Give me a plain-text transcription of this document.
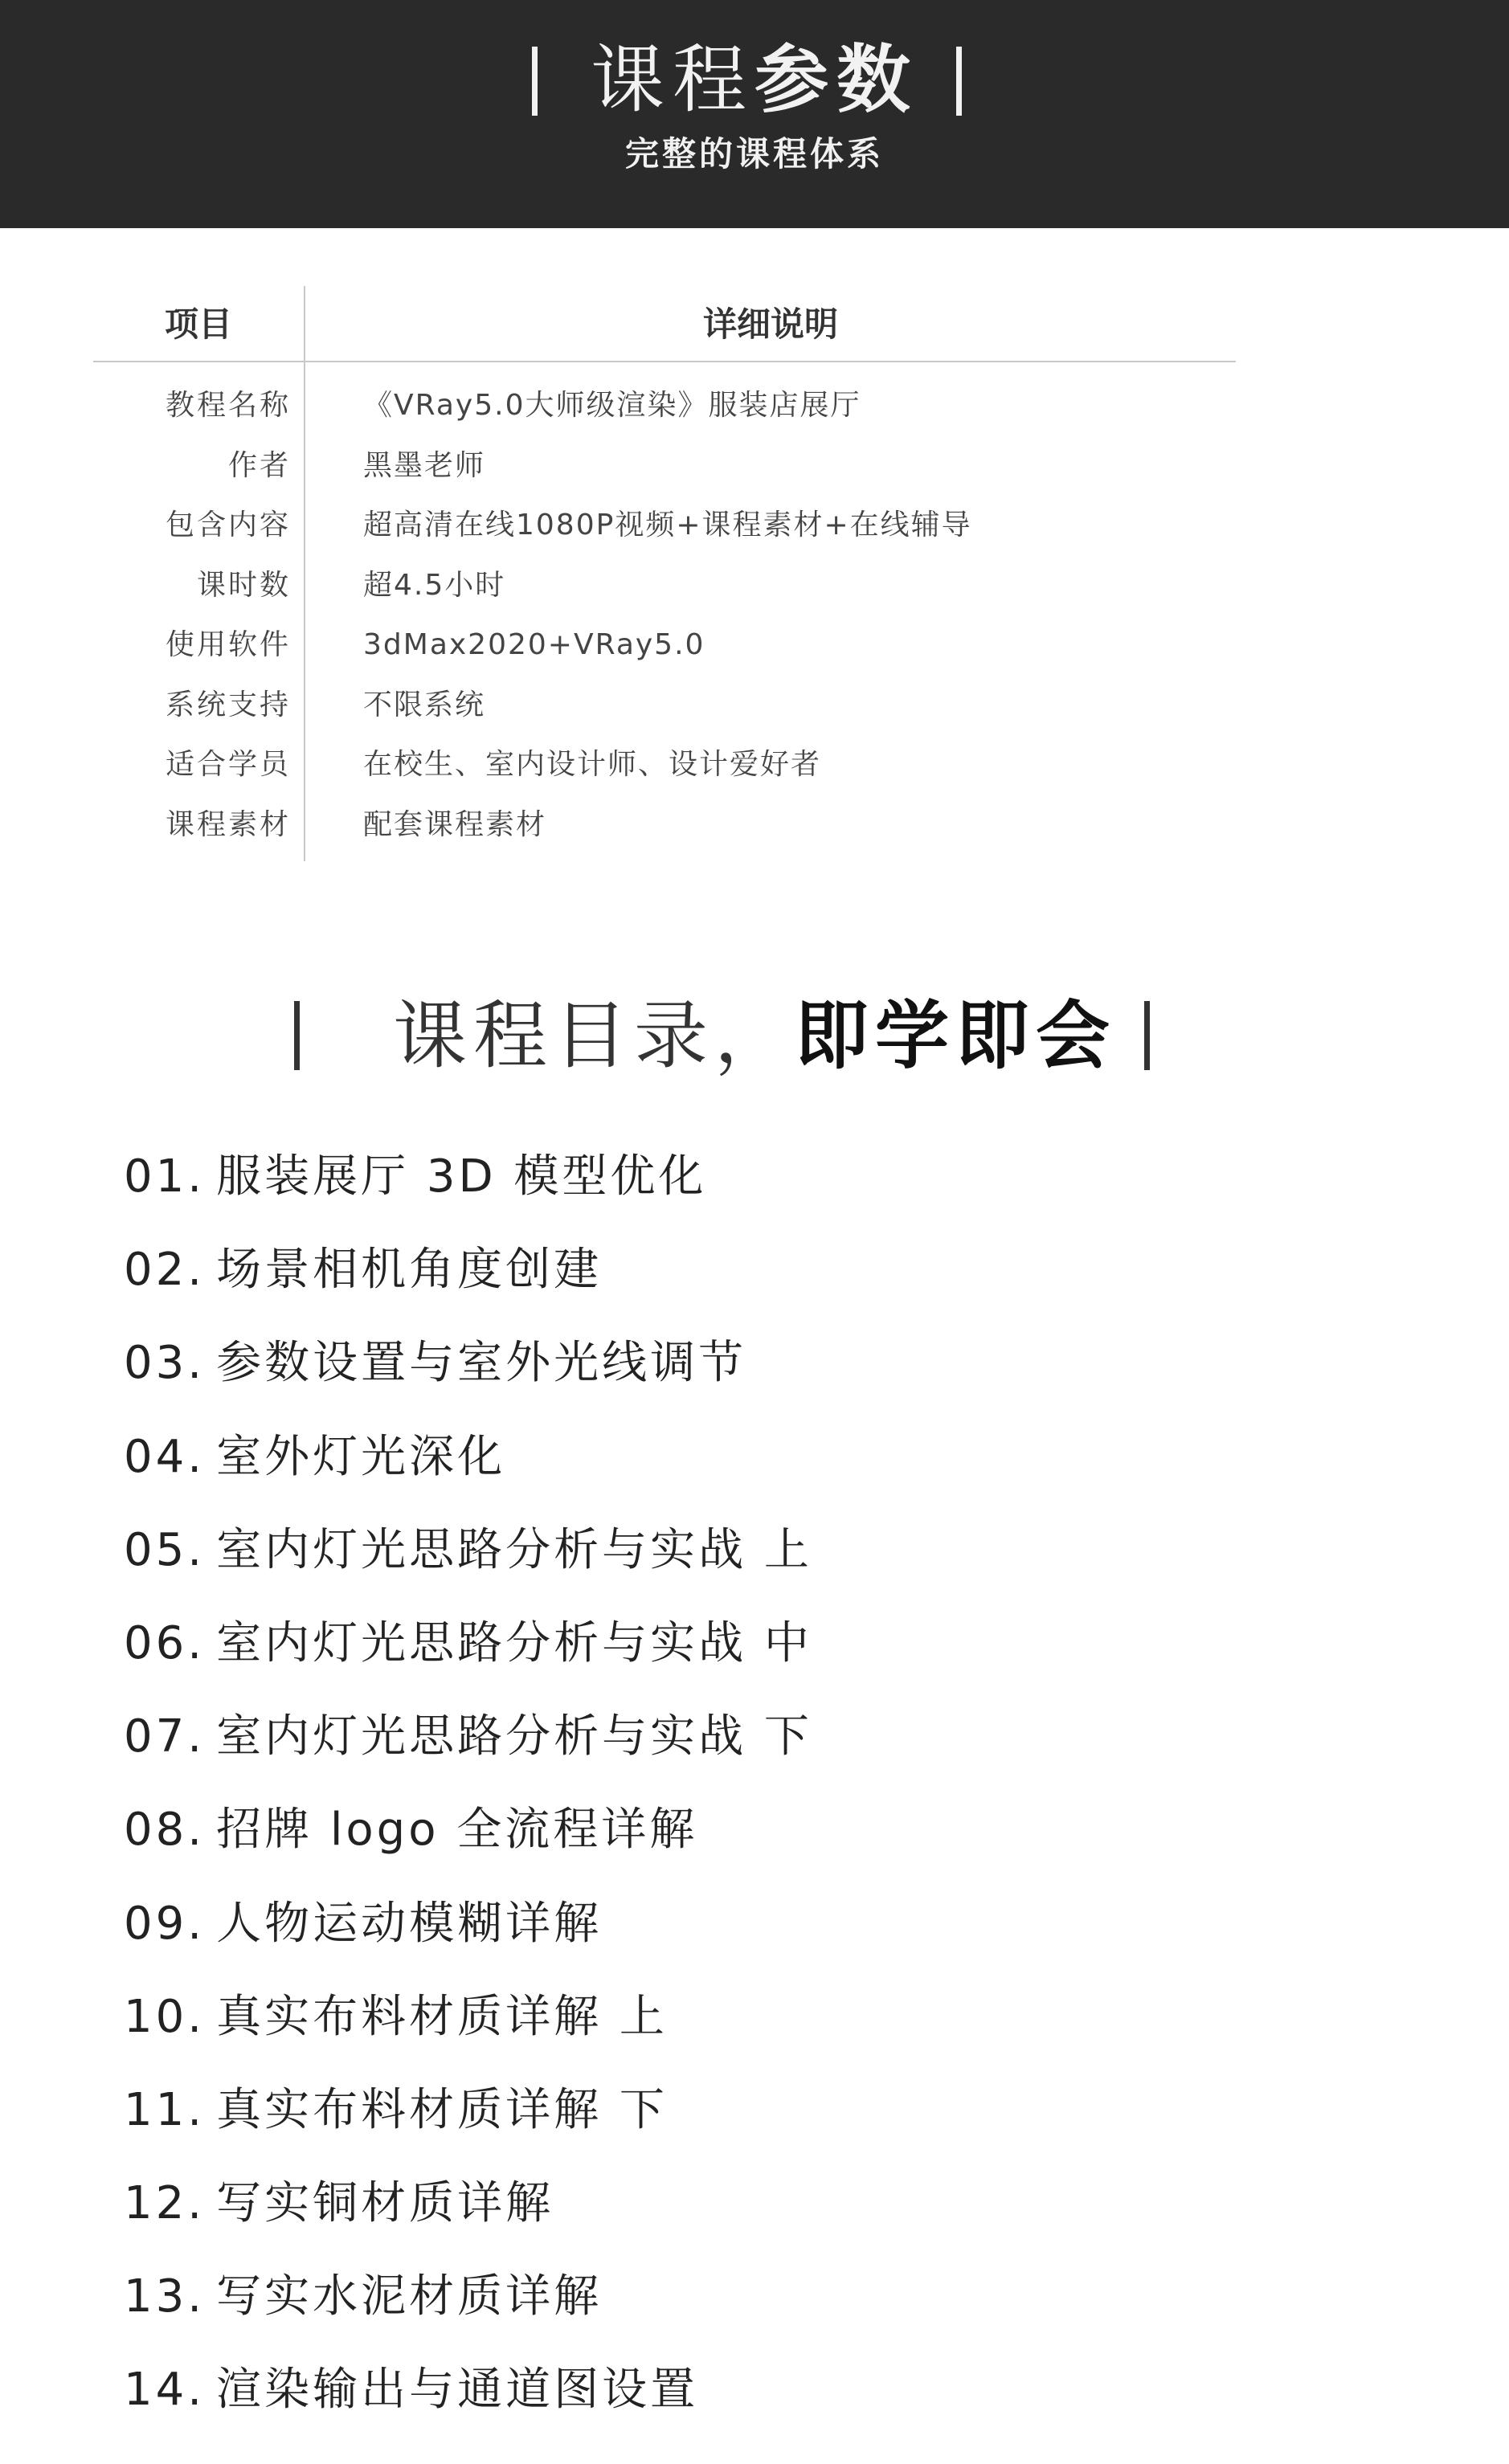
课程参数
完整的课程体系
项目	详细说明
教程名称	《VRay5.0大师级渲染》服装店展厅
作者	黑墨老师
包含内容	超高清在线1080P视频+课程素材+在线辅导
课时数	超4.5小时
使用软件	3dMax2020+VRay5.0
系统支持	不限系统
适合学员	在校生、室内设计师、设计爱好者
课程素材	配套课程素材
课程目录，即学即会
01. 服装展厅 3D 模型优化
02. 场景相机角度创建
03. 参数设置与室外光线调节
04. 室外灯光深化
05. 室内灯光思路分析与实战 上
06. 室内灯光思路分析与实战 中
07. 室内灯光思路分析与实战 下
08. 招牌 logo 全流程详解
09. 人物运动模糊详解
10. 真实布料材质详解 上
11. 真实布料材质详解 下
12. 写实铜材质详解
13. 写实水泥材质详解
14. 渲染输出与通道图设置
